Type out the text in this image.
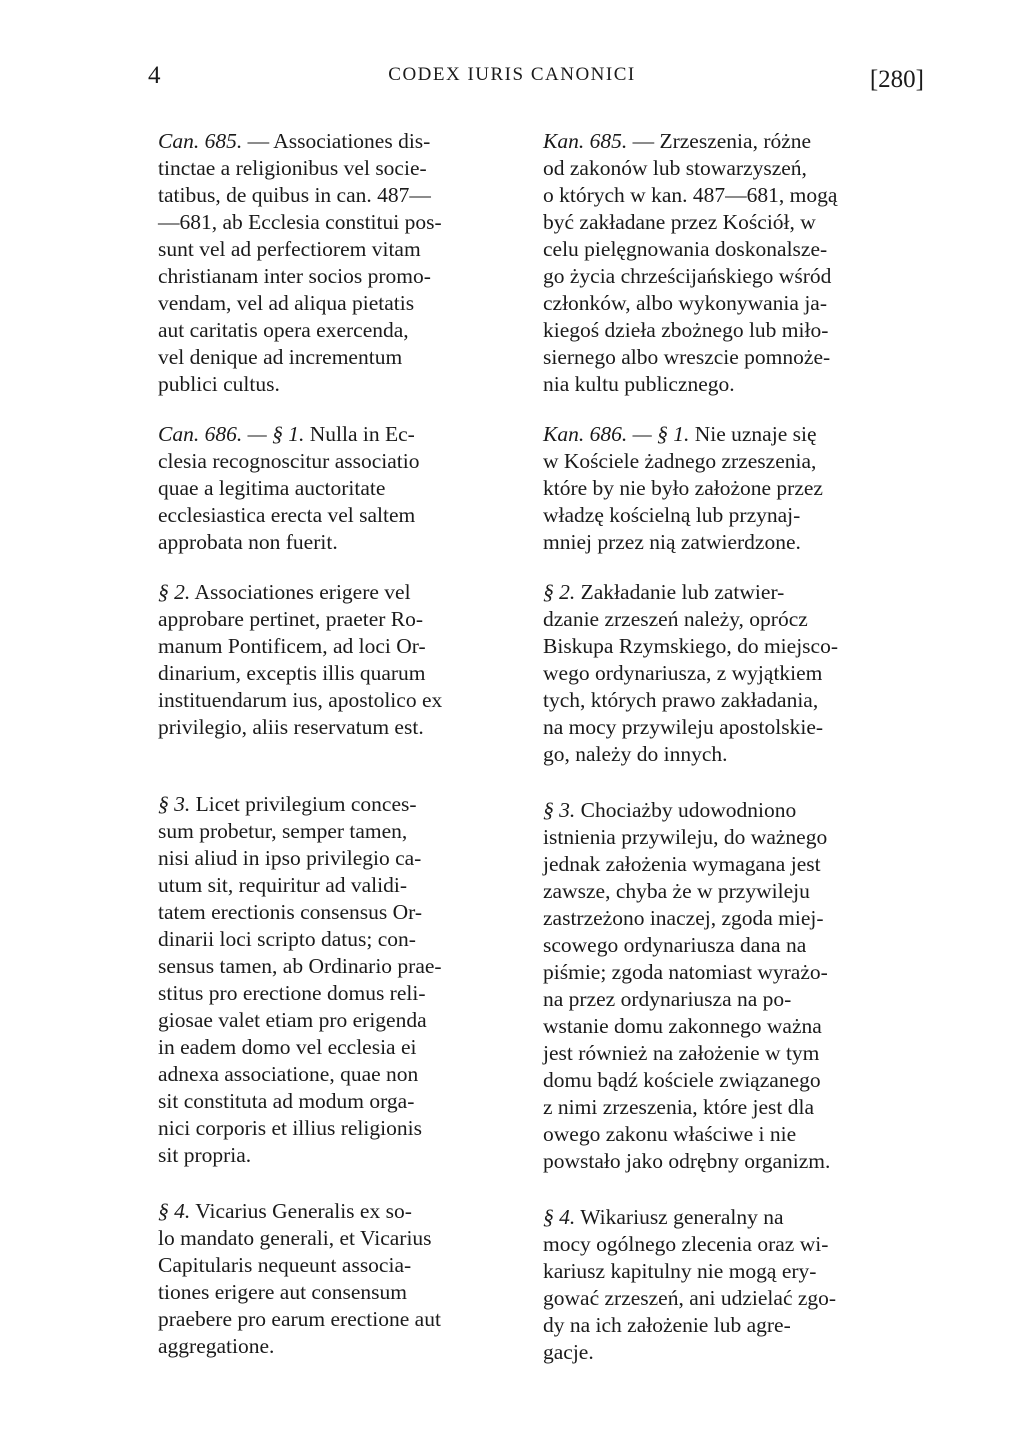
4	CODEX IURIS CANONICI	[280]

Can. 685. — Associationes dis-
tinctae a religionibus vel socie-
tatibus, de quibus in can. 487—
—681, ab Ecclesia constitui pos-
sunt vel ad perfectiorem vitam
christianam inter socios promo-
vendam, vel ad aliqua pietatis
aut caritatis opera exercenda,
vel denique ad incrementum
publici cultus.

Can. 686. — § 1. Nulla in Ec-
clesia recognoscitur associatio
quae a legitima auctoritate
ecclesiastica erecta vel saltem
approbata non fuerit.

§ 2. Associationes erigere vel
approbare pertinet, praeter Ro-
manum Pontificem, ad loci Or-
dinarium, exceptis illis quarum
instituendarum ius, apostolico ex
privilegio, aliis reservatum est.

§ 3. Licet privilegium conces-
sum probetur, semper tamen,
nisi aliud in ipso privilegio ca-
utum sit, requiritur ad validi-
tatem erectionis consensus Or-
dinarii loci scripto datus; con-
sensus tamen, ab Ordinario prae-
stitus pro erectione domus reli-
giosae valet etiam pro erigenda
in eadem domo vel ecclesia ei
adnexa associatione, quae non
sit constituta ad modum orga-
nici corporis et illius religionis
sit propria.

§ 4. Vicarius Generalis ex so-
lo mandato generali, et Vicarius
Capitularis nequeunt associa-
tiones erigere aut consensum
praebere pro earum erectione aut
aggregatione.

Kan. 685. — Zrzeszenia, różne
od zakonów lub stowarzyszeń,
o których w kan. 487—681, mogą
być zakładane przez Kościół, w
celu pielęgnowania doskonalsze-
go życia chrześcijańskiego wśród
członków, albo wykonywania ja-
kiegoś dzieła zbożnego lub miło-
siernego albo wreszcie pomnoże-
nia kultu publicznego.

Kan. 686. — § 1. Nie uznaje się
w Kościele żadnego zrzeszenia,
które by nie było założone przez
władzę kościelną lub przynaj-
mniej przez nią zatwierdzone.

§ 2. Zakładanie lub zatwier-
dzanie zrzeszeń należy, oprócz
Biskupa Rzymskiego, do miejsco-
wego ordynariusza, z wyjątkiem
tych, których prawo zakładania,
na mocy przywileju apostolskie-
go, należy do innych.

§ 3. Chociażby udowodniono
istnienia przywileju, do ważnego
jednak założenia wymagana jest
zawsze, chyba że w przywileju
zastrzeżono inaczej, zgoda miej-
scowego ordynariusza dana na
piśmie; zgoda natomiast wyrażo-
na przez ordynariusza na po-
wstanie domu zakonnego ważna
jest również na założenie w tym
domu bądź kościele związanego
z nimi zrzeszenia, które jest dla
owego zakonu właściwe i nie
powstało jako odrębny organizm.

§ 4. Wikariusz generalny na
mocy ogólnego zlecenia oraz wi-
kariusz kapitulny nie mogą ery-
gować zrzeszeń, ani udzielać zgo-
dy na ich założenie lub agre-
gacje.
